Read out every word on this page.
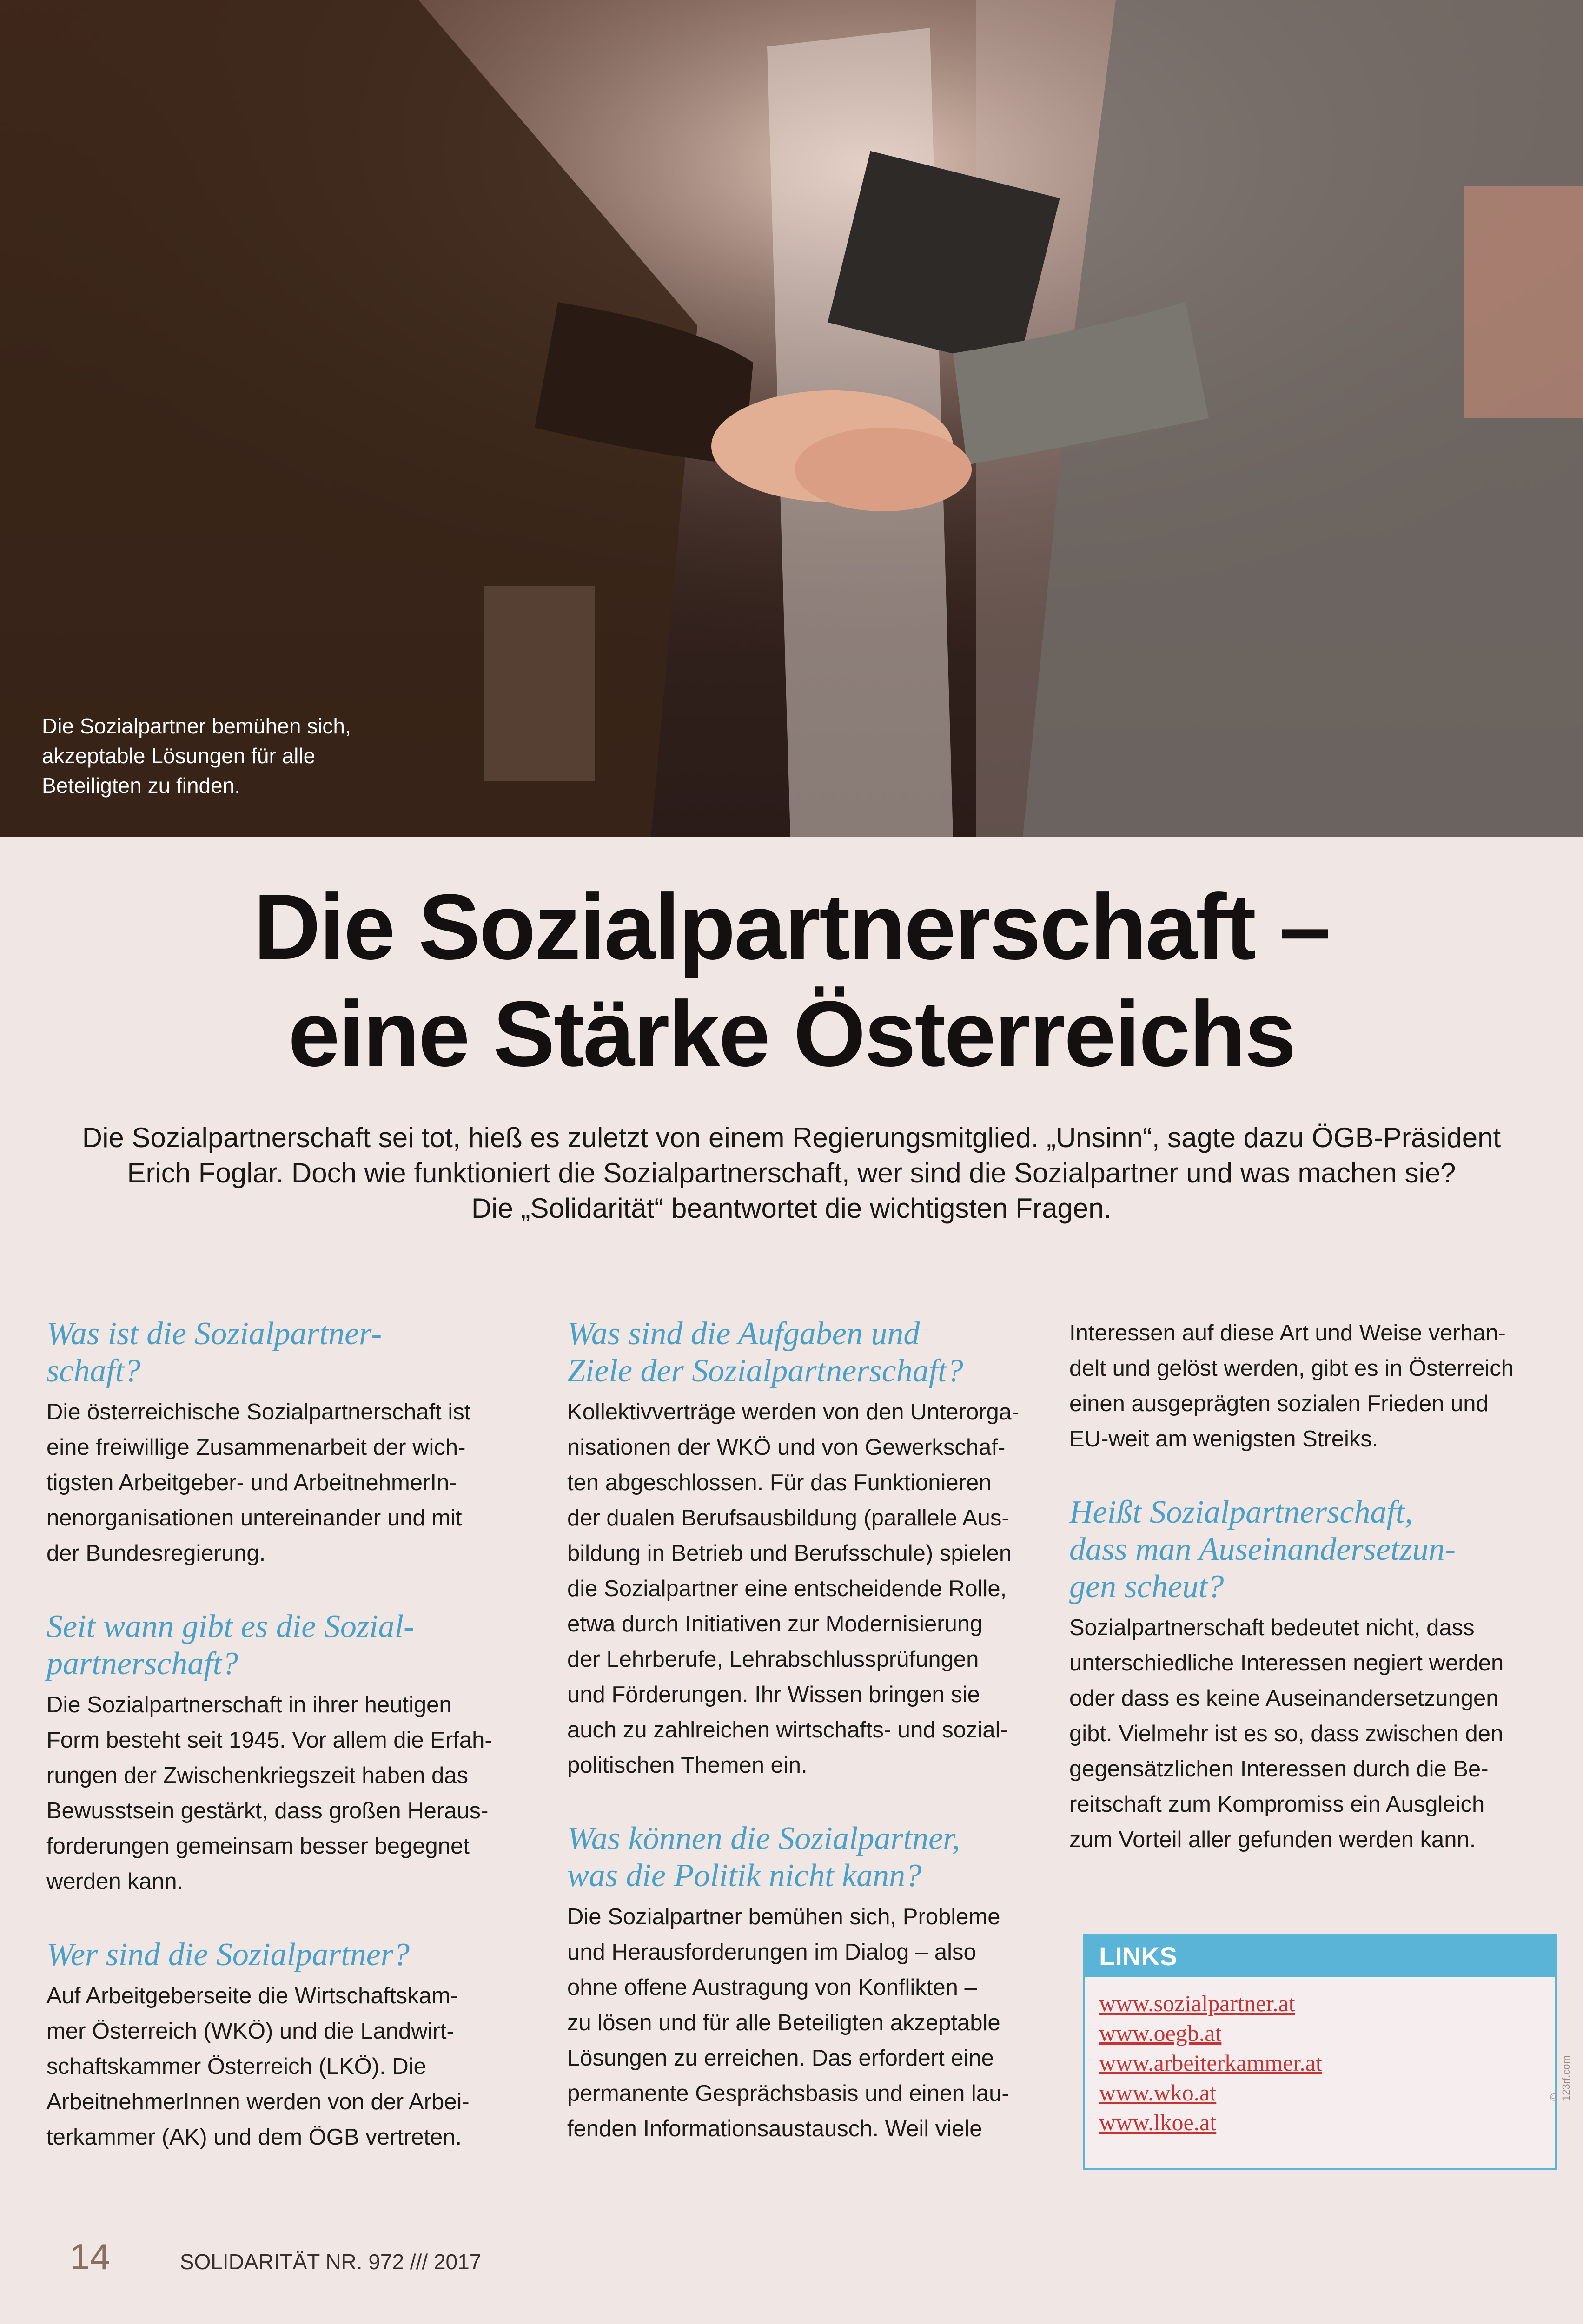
Die Sozialpartner bemühen sich,

akzeptable Lösungen für alle

Beteiligten zu finden.

Die Sozialpartnerschaft –
eine Stärke Österreichs

Die Sozialpartnerschaft sei tot, hieß es zuletzt von einem Regierungsmitglied. „Unsinn“, sagte dazu ÖGB-Präsident

Erich Foglar. Doch wie funktioniert die Sozialpartnerschaft, wer sind die Sozialpartner und was machen sie?

Die „Solidarität“ beantwortet die wichtigsten Fragen.

Was ist die Sozialpartner-
schaft?
Die österreichische Sozialpartnerschaft ist
eine freiwillige Zusammenarbeit der wich-
tigsten Arbeitgeber- und ArbeitnehmerIn-
nenorganisationen untereinander und mit
der Bundesregierung.
Seit wann gibt es die Sozial-
partnerschaft?
Die Sozialpartnerschaft in ihrer heutigen
Form besteht seit 1945. Vor allem die Erfah-
rungen der Zwischenkriegszeit haben das
Bewusstsein gestärkt, dass großen Heraus-
forderungen gemeinsam besser begegnet
werden kann.
Wer sind die Sozialpartner?
Auf Arbeitgeberseite die Wirtschaftskam-
mer Österreich (WKÖ) und die Landwirt-
schaftskammer Österreich (LKÖ). Die
ArbeitnehmerInnen werden von der Arbei-
terkammer (AK) und dem ÖGB vertreten.
Was sind die Aufgaben und
Ziele der Sozialpartnerschaft?
Kollektivverträge werden von den Unterorga-
nisationen der WKÖ und von Gewerkschaf-
ten abgeschlossen. Für das Funktionieren
der dualen Berufsausbildung (parallele Aus-
bildung in Betrieb und Berufsschule) spielen
die Sozialpartner eine entscheidende Rolle,
etwa durch Initiativen zur Modernisierung
der Lehrberufe, Lehrabschlussprüfungen
und Förderungen. Ihr Wissen bringen sie
auch zu zahlreichen wirtschafts- und sozial-
politischen Themen ein.
Was können die Sozialpartner,
was die Politik nicht kann?
Die Sozialpartner bemühen sich, Probleme
und Herausforderungen im Dialog – also
ohne offene Austragung von Konflikten –
zu lösen und für alle Beteiligten akzeptable
Lösungen zu erreichen. Das erfordert eine
permanente Gesprächsbasis und einen lau-
fenden Informationsaustausch. Weil viele
Interessen auf diese Art und Weise verhan-
delt und gelöst werden, gibt es in Österreich
einen ausgeprägten sozialen Frieden und
EU-weit am wenigsten Streiks.
Heißt Sozialpartnerschaft,
dass man Auseinandersetzun-
gen scheut?
Sozialpartnerschaft bedeutet nicht, dass
unterschiedliche Interessen negiert werden
oder dass es keine Auseinandersetzungen
gibt. Vielmehr ist es so, dass zwischen den
gegensätzlichen Interessen durch die Be-
reitschaft zum Kompromiss ein Ausgleich
zum Vorteil aller gefunden werden kann.
LINKS
www.sozialpartner.at
www.oegb.at
www.arbeiterkammer.at
www.wko.at
www.lkoe.at
© 123rf.com
14	SOLIDARITÄT NR. 972 /// 2017
